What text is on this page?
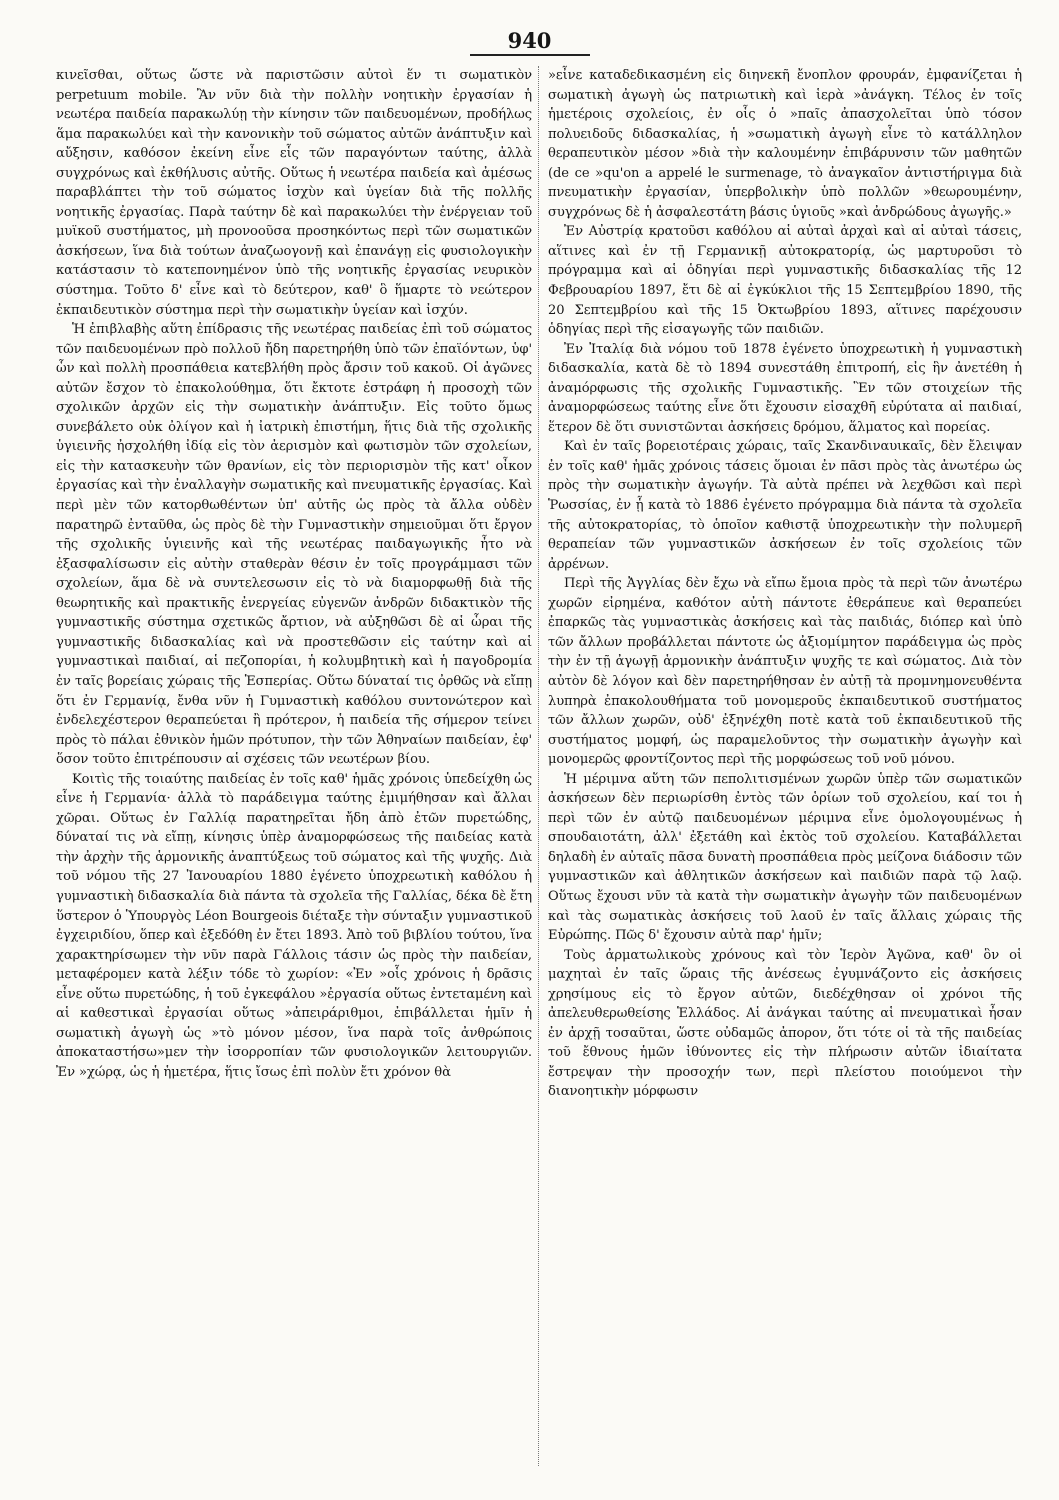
940

κινεῖσθαι, οὕτως ὥστε νὰ παριστῶσιν αὐτοὶ ἕν τι σωματικὸν perpetuum mobile. Ἂν νῦν διὰ τὴν πολλὴν νοητικὴν ἐργασίαν ἡ νεωτέρα παιδεία παρακωλύῃ τὴν κίνησιν τῶν παιδευομένων, προδήλως ἅμα παρακωλύει καὶ τὴν κανονικὴν τοῦ σώματος αὐτῶν ἀνάπτυξιν καὶ αὔξησιν, καθόσον ἐκείνη εἶνε εἷς τῶν παραγόντων ταύτης, ἀλλὰ συγχρόνως καὶ ἐκθήλυσις αὐτῆς. Οὕτως ἡ νεωτέρα παιδεία καὶ ἀμέσως παραβλάπτει τὴν τοῦ σώματος ἰσχὺν καὶ ὑγείαν διὰ τῆς πολλῆς νοητικῆς ἐργασίας. Παρὰ ταύτην δὲ καὶ παρακωλύει τὴν ἐνέργειαν τοῦ μυϊκοῦ συστήματος, μὴ προνοοῦσα προσηκόντως περὶ τῶν σωματικῶν ἀσκήσεων, ἵνα διὰ τούτων ἀναζωογονῇ καὶ ἐπανάγῃ εἰς φυσιολογικὴν κατάστασιν τὸ κατεπονημένον ὑπὸ τῆς νοητικῆς ἐργασίας νευρικὸν σύστημα. Τοῦτο δ' εἶνε καὶ τὸ δεύτερον, καθ' ὃ ἥμαρτε τὸ νεώτερον ἐκπαιδευτικὸν σύστημα περὶ τὴν σωματικὴν ὑγείαν καὶ ἰσχύν.

Ἡ ἐπιβλαβὴς αὕτη ἐπίδρασις τῆς νεωτέρας παιδείας ἐπὶ τοῦ σώματος τῶν παιδευομένων πρὸ πολλοῦ ἤδη παρετηρήθη ὑπὸ τῶν ἐπαϊόντων, ὑφ' ὧν καὶ πολλὴ προσπάθεια κατεβλήθη πρὸς ἄρσιν τοῦ κακοῦ. Οἱ ἀγῶνες αὐτῶν ἔσχον τὸ ἐπακολούθημα, ὅτι ἔκτοτε ἐστράφη ἡ προσοχὴ τῶν σχολικῶν ἀρχῶν εἰς τὴν σωματικὴν ἀνάπτυξιν. Εἰς τοῦτο ὅμως συνεβάλετο οὐκ ὀλίγον καὶ ἡ ἰατρικὴ ἐπιστήμη, ἥτις διὰ τῆς σχολικῆς ὑγιεινῆς ἠσχολήθη ἰδίᾳ εἰς τὸν ἀερισμὸν καὶ φωτισμὸν τῶν σχολείων, εἰς τὴν κατασκευὴν τῶν θρανίων, εἰς τὸν περιορισμὸν τῆς κατ' οἶκον ἐργασίας καὶ τὴν ἐναλλαγὴν σωματικῆς καὶ πνευματικῆς ἐργασίας. Καὶ περὶ μὲν τῶν κατορθωθέντων ὑπ' αὐτῆς ὡς πρὸς τὰ ἄλλα οὐδὲν παρατηρῶ ἐνταῦθα, ὡς πρὸς δὲ τὴν Γυμναστικὴν σημειοῦμαι ὅτι ἔργον τῆς σχολικῆς ὑγιεινῆς καὶ τῆς νεωτέρας παιδαγωγικῆς ἦτο νὰ ἐξασφαλίσωσιν εἰς αὐτὴν σταθερὰν θέσιν ἐν τοῖς προγράμμασι τῶν σχολείων, ἅμα δὲ νὰ συντελεσωσιν εἰς τὸ νὰ διαμορφωθῇ διὰ τῆς θεωρητικῆς καὶ πρακτικῆς ἐνεργείας εὐγενῶν ἀνδρῶν διδακτικὸν τῆς γυμναστικῆς σύστημα σχετικῶς ἄρτιον, νὰ αὐξηθῶσι δὲ αἱ ὧραι τῆς γυμναστικῆς διδασκαλίας καὶ νὰ προστεθῶσιν εἰς ταύτην καὶ αἱ γυμναστικαὶ παιδιαί, αἱ πεζοπορίαι, ἡ κολυμβητικὴ καὶ ἡ παγοδρομία ἐν ταῖς βορείαις χώραις τῆς Ἑσπερίας. Οὕτω δύναταί τις ὀρθῶς νὰ εἴπῃ ὅτι ἐν Γερμανίᾳ, ἔνθα νῦν ἡ Γυμναστικὴ καθόλου συντονώτερον καὶ ἐνδελεχέστερον θεραπεύεται ἢ πρότερον, ἡ παιδεία τῆς σήμερον τείνει πρὸς τὸ πάλαι ἐθνικὸν ἡμῶν πρότυπον, τὴν τῶν Ἀθηναίων παιδείαν, ἐφ' ὅσον τοῦτο ἐπιτρέπουσιν αἱ σχέσεις τῶν νεωτέρων βίου.

Κοιτὶς τῆς τοιαύτης παιδείας ἐν τοῖς καθ' ἡμᾶς χρόνοις ὑπεδείχθη ὡς εἶνε ἡ Γερμανία· ἀλλὰ τὸ παράδειγμα ταύτης ἐμιμήθησαν καὶ ἄλλαι χῶραι. Οὕτως ἐν Γαλλίᾳ παρατηρεῖται ἤδη ἀπὸ ἐτῶν πυρετώδης, δύναταί τις νὰ εἴπῃ, κίνησις ὑπὲρ ἀναμορφώσεως τῆς παιδείας κατὰ τὴν ἀρχὴν τῆς ἁρμονικῆς ἀναπτύξεως τοῦ σώματος καὶ τῆς ψυχῆς. Διὰ τοῦ νόμου τῆς 27 Ἰανουαρίου 1880 ἐγένετο ὑποχρεωτικὴ καθόλου ἡ γυμναστικὴ διδασκαλία διὰ πάντα τὰ σχολεῖα τῆς Γαλλίας, δέκα δὲ ἔτη ὕστερον ὁ Ὑπουργὸς Léon Bourgeois διέταξε τὴν σύνταξιν γυμναστικοῦ ἐγχειριδίου, ὅπερ καὶ ἐξεδόθη ἐν ἔτει 1893. Ἀπὸ τοῦ βιβλίου τούτου, ἵνα χαρακτηρίσωμεν τὴν νῦν παρὰ Γάλλοις τάσιν ὡς πρὸς τὴν παιδείαν, μεταφέρομεν κατὰ λέξιν τόδε τὸ χωρίον: «Ἐν »οἷς χρόνοις ἡ δρᾶσις εἶνε οὕτω πυρετώδης, ἡ τοῦ ἐγκεφάλου »ἐργασία οὕτως ἐντεταμένη καὶ αἱ καθεστικαὶ ἐργασίαι οὕτως »ἀπειράριθμοι, ἐπιβάλλεται ἡμῖν ἡ σωματικὴ ἀγωγὴ ὡς »τὸ μόνον μέσον, ἵνα παρὰ τοῖς ἀνθρώποις ἀποκαταστήσω»μεν τὴν ἰσορροπίαν τῶν φυσιολογικῶν λειτουργιῶν. Ἐν »χώρᾳ, ὡς ἡ ἡμετέρα, ἥτις ἴσως ἐπὶ πολὺν ἔτι χρόνον θὰ

»εἶνε καταδεδικασμένη εἰς διηνεκῆ ἔνοπλον φρουράν, ἐμφανίζεται ἡ σωματικὴ ἀγωγὴ ὡς πατριωτικὴ καὶ ἱερὰ »ἀνάγκη. Τέλος ἐν τοῖς ἡμετέροις σχολείοις, ἐν οἷς ὁ »παῖς ἀπασχολεῖται ὑπὸ τόσον πολυειδοῦς διδασκαλίας, ἡ »σωματικὴ ἀγωγὴ εἶνε τὸ κατάλληλον θεραπευτικὸν μέσον »διὰ τὴν καλουμένην ἐπιβάρυνσιν τῶν μαθητῶν (de ce »qu'on a appelé le surmenage, τὸ ἀναγκαῖον ἀντιστήριγμα διὰ πνευματικὴν ἐργασίαν, ὑπερβολικὴν ὑπὸ πολλῶν »θεωρουμένην, συγχρόνως δὲ ἡ ἀσφαλεστάτη βάσις ὑγιοῦς »καὶ ἀνδρώδους ἀγωγῆς.»

Ἐν Αὐστρίᾳ κρατοῦσι καθόλου αἱ αὐταὶ ἀρχαὶ καὶ αἱ αὐταὶ τάσεις, αἵτινες καὶ ἐν τῇ Γερμανικῇ αὐτοκρατορίᾳ, ὡς μαρτυροῦσι τὸ πρόγραμμα καὶ αἱ ὁδηγίαι περὶ γυμναστικῆς διδασκαλίας τῆς 12 Φεβρουαρίου 1897, ἔτι δὲ αἱ ἐγκύκλιοι τῆς 15 Σεπτεμβρίου 1890, τῆς 20 Σεπτεμβρίου καὶ τῆς 15 Ὀκτωβρίου 1893, αἵτινες παρέχουσιν ὁδηγίας περὶ τῆς εἰσαγωγῆς τῶν παιδιῶν.

Ἐν Ἰταλίᾳ διὰ νόμου τοῦ 1878 ἐγένετο ὑποχρεωτικὴ ἡ γυμναστικὴ διδασκαλία, κατὰ δὲ τὸ 1894 συνεστάθη ἐπιτροπή, εἰς ἣν ἀνετέθη ἡ ἀναμόρφωσις τῆς σχολικῆς Γυμναστικῆς. Ἓν τῶν στοιχείων τῆς ἀναμορφώσεως ταύτης εἶνε ὅτι ἔχουσιν εἰσαχθῆ εὐρύτατα αἱ παιδιαί, ἕτερον δὲ ὅτι συνιστῶνται ἀσκήσεις δρόμου, ἅλματος καὶ πορείας.

Καὶ ἐν ταῖς βορειοτέραις χώραις, ταῖς Σκανδιναυικαῖς, δὲν ἔλειψαν ἐν τοῖς καθ' ἡμᾶς χρόνοις τάσεις ὅμοιαι ἐν πᾶσι πρὸς τὰς ἀνωτέρω ὡς πρὸς τὴν σωματικὴν ἀγωγήν. Τὰ αὐτὰ πρέπει νὰ λεχθῶσι καὶ περὶ Ῥωσσίας, ἐν ᾗ κατὰ τὸ 1886 ἐγένετο πρόγραμμα διὰ πάντα τὰ σχολεῖα τῆς αὐτοκρατορίας, τὸ ὁποῖον καθιστᾷ ὑποχρεωτικὴν τὴν πολυμερῆ θεραπείαν τῶν γυμναστικῶν ἀσκήσεων ἐν τοῖς σχολείοις τῶν ἀρρένων.

Περὶ τῆς Ἀγγλίας δὲν ἔχω νὰ εἴπω ἔμοια πρὸς τὰ περὶ τῶν ἀνωτέρω χωρῶν εἰρημένα, καθότον αὐτὴ πάντοτε ἐθεράπευε καὶ θεραπεύει ἐπαρκῶς τὰς γυμναστικὰς ἀσκήσεις καὶ τὰς παιδιάς, διόπερ καὶ ὑπὸ τῶν ἄλλων προβάλλεται πάντοτε ὡς ἀξιομίμητον παράδειγμα ὡς πρὸς τὴν ἐν τῇ ἀγωγῇ ἁρμονικὴν ἀνάπτυξιν ψυχῆς τε καὶ σώματος. Διὰ τὸν αὐτὸν δὲ λόγον καὶ δὲν παρετηρήθησαν ἐν αὐτῇ τὰ προμνημονευθέντα λυπηρὰ ἐπακολουθήματα τοῦ μονομεροῦς ἐκπαιδευτικοῦ συστήματος τῶν ἄλλων χωρῶν, οὐδ' ἐξηνέχθη ποτὲ κατὰ τοῦ ἐκπαιδευτικοῦ τῆς συστήματος μομφή, ὡς παραμελοῦντος τὴν σωματικὴν ἀγωγὴν καὶ μονομερῶς φροντίζοντος περὶ τῆς μορφώσεως τοῦ νοῦ μόνου.

Ἡ μέριμνα αὕτη τῶν πεπολιτισμένων χωρῶν ὑπὲρ τῶν σωματικῶν ἀσκήσεων δὲν περιωρίσθη ἐντὸς τῶν ὁρίων τοῦ σχολείου, καί τοι ἡ περὶ τῶν ἐν αὐτῷ παιδευομένων μέριμνα εἶνε ὁμολογουμένως ἡ σπουδαιοτάτη, ἀλλ' ἐξετάθη καὶ ἐκτὸς τοῦ σχολείου. Καταβάλλεται δηλαδὴ ἐν αὐταῖς πᾶσα δυνατὴ προσπάθεια πρὸς μείζονα διάδοσιν τῶν γυμναστικῶν καὶ ἀθλητικῶν ἀσκήσεων καὶ παιδιῶν παρὰ τῷ λαῷ. Οὕτως ἔχουσι νῦν τὰ κατὰ τὴν σωματικὴν ἀγωγὴν τῶν παιδευομένων καὶ τὰς σωματικὰς ἀσκήσεις τοῦ λαοῦ ἐν ταῖς ἄλλαις χώραις τῆς Εὐρώπης. Πῶς δ' ἔχουσιν αὐτὰ παρ' ἡμῖν;

Τοὺς ἀρματωλικοὺς χρόνους καὶ τὸν Ἱερὸν Ἀγῶνα, καθ' ὃν οἱ μαχηταὶ ἐν ταῖς ὥραις τῆς ἀνέσεως ἐγυμνάζοντο εἰς ἀσκήσεις χρησίμους εἰς τὸ ἔργον αὐτῶν, διεδέχθησαν οἱ χρόνοι τῆς ἀπελευθερωθείσης Ἑλλάδος. Αἱ ἀνάγκαι ταύτης αἱ πνευματικαὶ ἦσαν ἐν ἀρχῇ τοσαῦται, ὥστε οὐδαμῶς ἀπορον, ὅτι τότε οἱ τὰ τῆς παιδείας τοῦ ἔθνους ἡμῶν ἰθύνοντες εἰς τὴν πλήρωσιν αὐτῶν ἰδιαίτατα ἔστρεψαν τὴν προσοχήν των, περὶ πλείστου ποιούμενοι τὴν διανοητικὴν μόρφωσιν
